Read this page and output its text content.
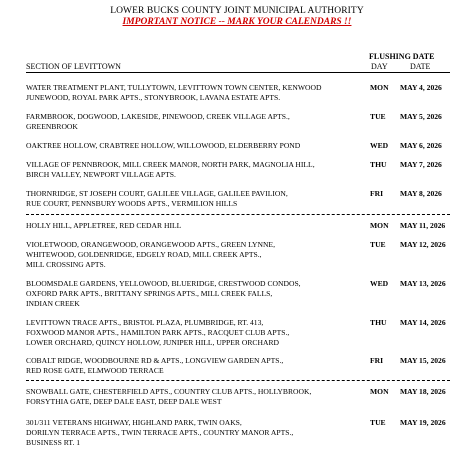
LOWER BUCKS COUNTY JOINT MUNICIPAL AUTHORITY
IMPORTANT NOTICE -- MARK YOUR CALENDARS !!
FLUSHING DATE
SECTION OF LEVITTOWN	DAY	DATE
WATER TREATMENT PLANT, TULLYTOWN, LEVITTOWN TOWN CENTER, KENWOOD
JUNEWOOD, ROYAL PARK APTS., STONYBROOK, LAVANA ESTATE APTS.
MON MAY 4, 2026
FARMBROOK, DOGWOOD, LAKESIDE, PINEWOOD, CREEK VILLAGE APTS.,
GREENBROOK
TUE MAY 5, 2026
OAKTREE HOLLOW, CRABTREE HOLLOW, WILLOWOOD, ELDERBERRY POND	WED MAY 6, 2026
VILLAGE OF PENNBROOK, MILL CREEK MANOR, NORTH PARK, MAGNOLIA HILL,
BIRCH VALLEY, NEWPORT VILLAGE APTS.
THU MAY 7, 2026
THORNRIDGE, ST JOSEPH COURT, GALILEE VILLAGE, GALILEE PAVILION,
RUE COURT, PENNSBURY WOODS APTS., VERMILION HILLS
FRI MAY 8, 2026
HOLLY HILL, APPLETREE, RED CEDAR HILL	MON MAY 11, 2026
VIOLETWOOD, ORANGEWOOD, ORANGEWOOD APTS., GREEN LYNNE,
WHITEWOOD, GOLDENRIDGE, EDGELY ROAD, MILL CREEK APTS.,
MILL CROSSING APTS.
TUE MAY 12, 2026
BLOOMSDALE GARDENS, YELLOWOOD, BLUERIDGE, CRESTWOOD CONDOS,
OXFORD PARK APTS., BRITTANY SPRINGS APTS., MILL CREEK FALLS,
INDIAN CREEK
WED MAY 13, 2026
LEVITTOWN TRACE APTS., BRISTOL PLAZA, PLUMBRIDGE, RT. 413,
FOXWOOD MANOR APTS., HAMILTON PARK APTS., RACQUET CLUB APTS.,
LOWER ORCHARD, QUINCY HOLLOW, JUNIPER HILL, UPPER ORCHARD
THU MAY 14, 2026
COBALT RIDGE, WOODBOURNE RD & APTS., LONGVIEW GARDEN APTS.,
RED ROSE GATE, ELMWOOD TERRACE
FRI MAY 15, 2026
SNOWBALL GATE, CHESTERFIELD APTS., COUNTRY CLUB APTS., HOLLYBROOK,
FORSYTHIA GATE, DEEP DALE EAST, DEEP DALE WEST
MON MAY 18, 2026
301/311 VETERANS HIGHWAY, HIGHLAND PARK, TWIN OAKS,
DORILYN TERRACE APTS., TWIN TERRACE APTS., COUNTRY MANOR APTS.,
BUSINESS RT. 1
TUE MAY 19, 2026
